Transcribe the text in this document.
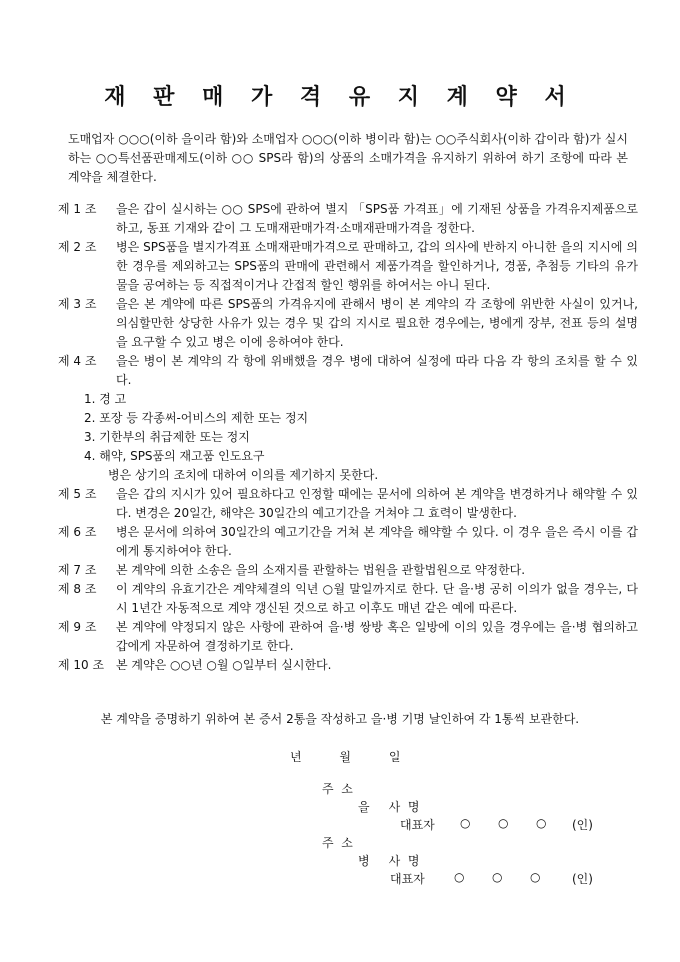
재 판 매 가 격 유 지 계 약 서
도매업자 ○○○(이하 을이라 함)와 소매업자 ○○○(이하 병이라 함)는 ○○주식회사(이하 갑이라 함)가 실시하는 ○○특선품판매제도(이하 ○○ SPS라 함)의 상품의 소매가격을 유지하기 위하여 하기 조항에 따라 본 계약을 체결한다.
제 1 조	을은 갑이 실시하는 ○○ SPS에 관하여 별지 「SPS품 가격표」에 기재된 상품을 가격유지제품으로 하고, 동표 기재와 같이 그 도매재판매가격·소매재판매가격을 정한다.
제 2 조	병은 SPS품을 별지가격표 소매재판매가격으로 판매하고, 갑의 의사에 반하지 아니한 을의 지시에 의한 경우를 제외하고는 SPS품의 판매에 관련해서 제품가격을 할인하거나, 경품, 추첨등 기타의 유가물을 공여하는 등 직접적이거나 간접적 할인 행위를 하여서는 아니 된다.
제 3 조	을은 본 계약에 따른 SPS품의 가격유지에 관해서 병이 본 계약의 각 조항에 위반한 사실이 있거나, 의심할만한 상당한 사유가 있는 경우 및 갑의 지시로 필요한 경우에는, 병에게 장부, 전표 등의 설명을 요구할 수 있고 병은 이에 응하여야 한다.
제 4 조	을은 병이 본 계약의 각 항에 위배했을 경우 병에 대하여 실정에 따라 다음 각 항의 조치를 할 수 있다.
1. 경 고
2. 포장 등 각종써-어비스의 제한 또는 정지
3. 기한부의 취급제한 또는 정지
4. 해약, SPS품의 재고품 인도요구
병은 상기의 조치에 대하여 이의를 제기하지 못한다.
제 5 조	을은 갑의 지시가 있어 필요하다고 인정할 때에는 문서에 의하여 본 계약을 변경하거나 해약할 수 있다. 변경은 20일간, 해약은 30일간의 예고기간을 거쳐야 그 효력이 발생한다.
제 6 조	병은 문서에 의하여 30일간의 예고기간을 거쳐 본 계약을 해약할 수 있다. 이 경우 을은 즉시 이를 갑에게 통지하여야 한다.
제 7 조	본 계약에 의한 소송은 을의 소재지를 관할하는 법원을 관할법원으로 약정한다.
제 8 조	이 계약의 유효기간은 계약체결의 익년 ○월 말일까지로 한다. 단 을·병 공히 이의가 없을 경우는, 다시 1년간 자동적으로 계약 갱신된 것으로 하고 이후도 매년 같은 예에 따른다.
제 9 조	본 계약에 약정되지 않은 사항에 관하여 을·병 쌍방 혹은 일방에 이의 있을 경우에는 을·병 협의하고 갑에게 자문하여 결정하기로 한다.
제 10 조 본 계약은 ○○년 ○월 ○일부터 실시한다.
본 계약을 증명하기 위하여 본 증서 2통을 작성하고 을·병 기명 날인하여 각 1통씩 보관한다.
년	월	일
주  소
을     사  명
대표자 ○ ○ ○ (인)
주  소
병     사  명
대표자 ○ ○ ○	(인)
